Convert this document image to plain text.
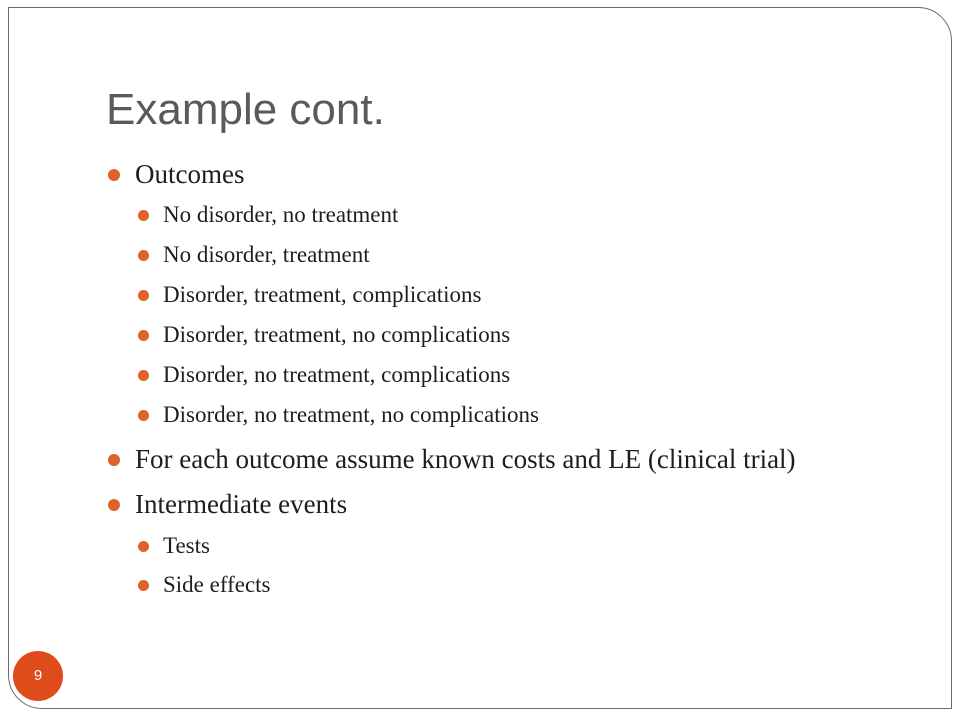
Example cont.
Outcomes
No disorder, no treatment
No disorder, treatment
Disorder, treatment, complications
Disorder, treatment, no complications
Disorder, no treatment, complications
Disorder, no treatment, no complications
For each outcome assume known costs and LE (clinical trial)
Intermediate events
Tests
Side effects
9
